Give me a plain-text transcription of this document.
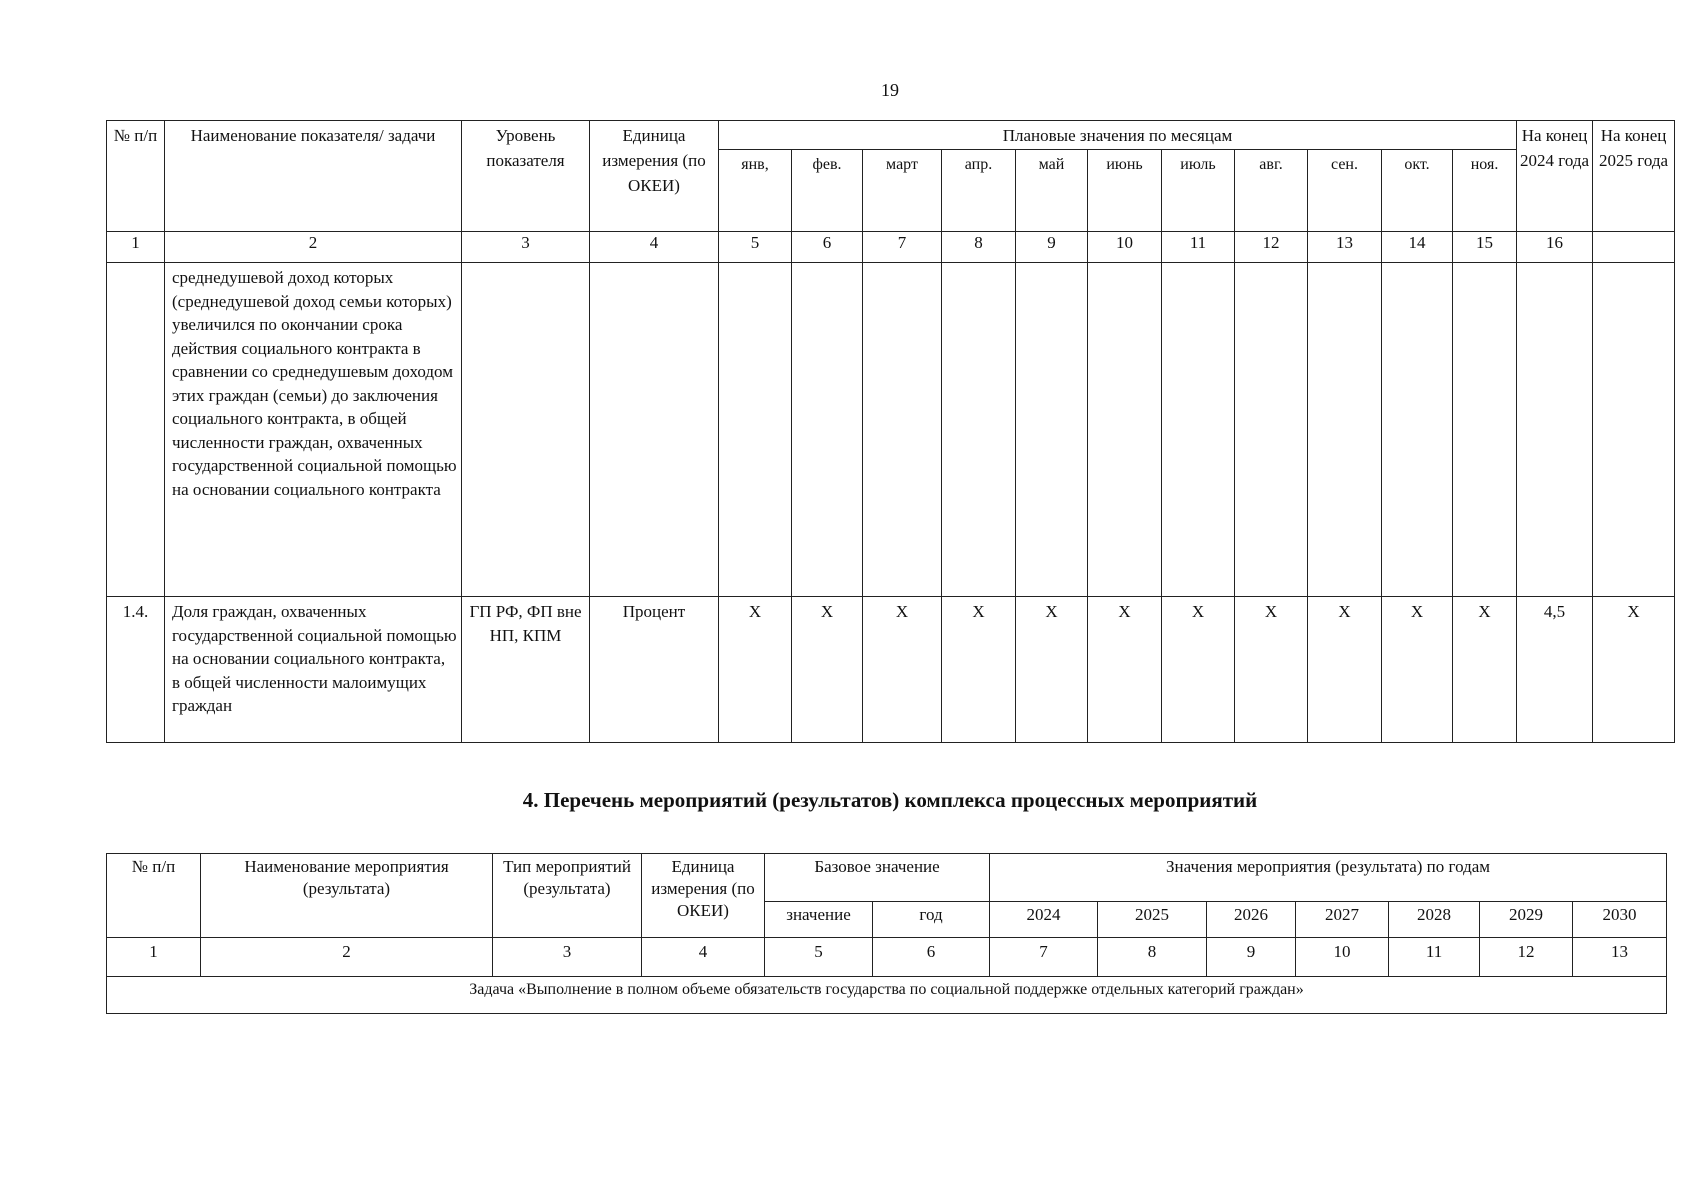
19
№ п/п	Наименование показателя/ задачи	Уровень показателя	Единица измерения (по ОКЕИ)	Плановые значения по месяцам											На конец 2024 года	На конец 2025 года
				янв,	фев.	март	апр.	май	июнь	июль	авг.	сен.	окт.	ноя.		
1	2	3	4	5	6	7	8	9	10	11	12	13	14	15	16	
	среднедушевой доход которых (среднедушевой доход семьи которых) увеличился по окончании срока действия социального контракта в сравнении со среднедушевым доходом этих граждан (семьи) до заключения социального контракта, в общей численности граждан, охваченных государственной социальной помощью на основании социального контракта															
1.4.	Доля граждан, охваченных государственной социальной помощью на основании социального контракта, в общей численности малоимущих граждан	ГП РФ, ФП вне НП, КПМ	Процент	X	X	X	X	X	X	X	X	X	X	X	4,5	X
4. Перечень мероприятий (результатов) комплекса процессных мероприятий
№ п/п	Наименование мероприятия (результата)	Тип мероприятий (результата)	Единица измерения (по ОКЕИ)	Базовое значение		Значения мероприятия (результата) по годам						
				значение	год	2024	2025	2026	2027	2028	2029	2030
1	2	3	4	5	6	7	8	9	10	11	12	13
Задача «Выполнение в полном объеме обязательств государства по социальной поддержке отдельных категорий граждан»												
